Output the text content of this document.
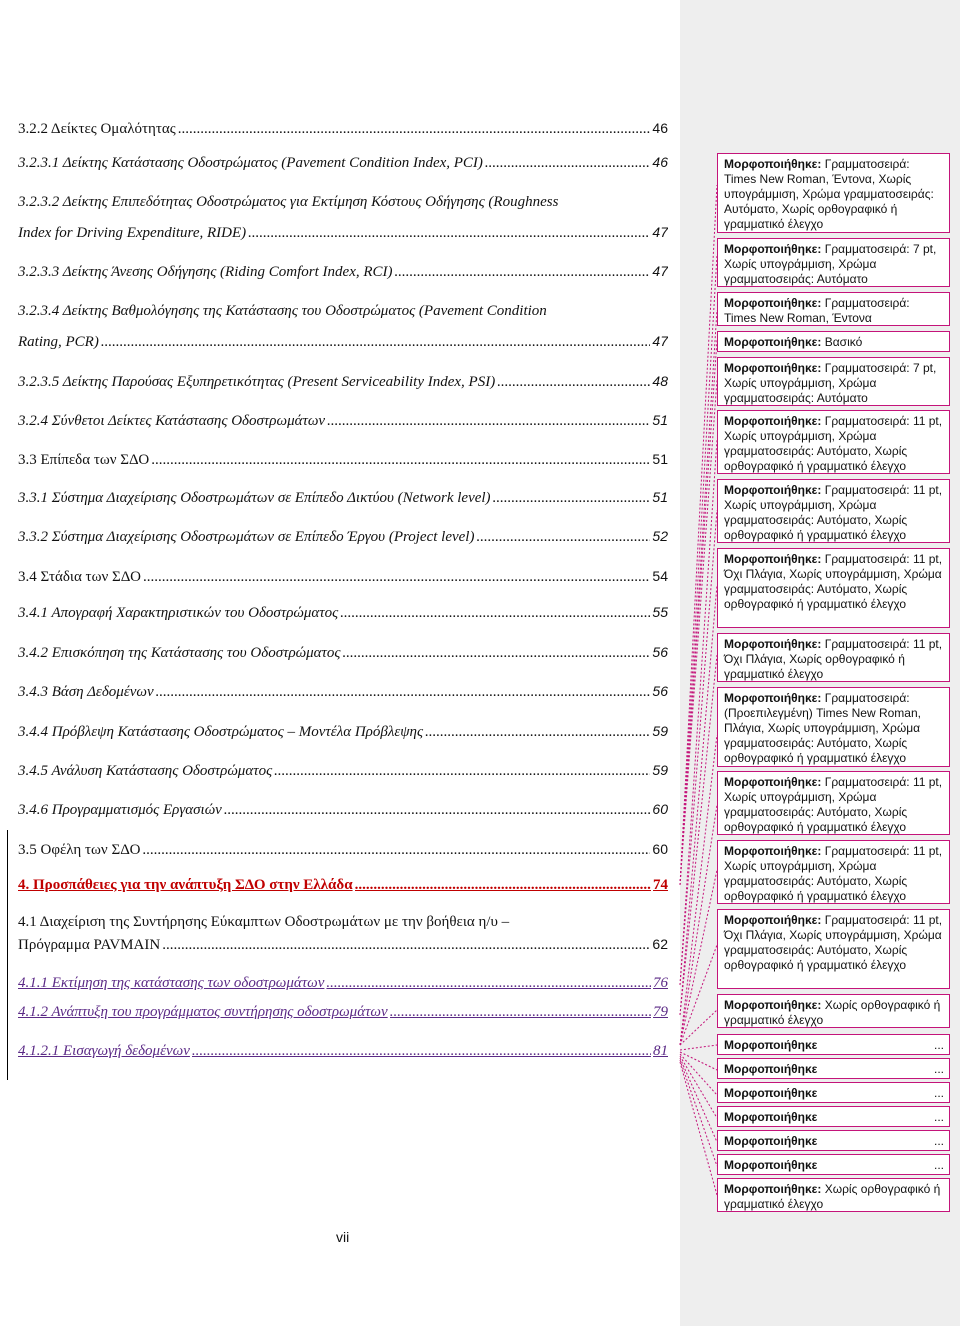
3.2.2 Δείκτες Ομαλότητας .....	46
3.2.3.1 Δείκτης Κατάστασης Οδοστρώματος (Pavement Condition Index, PCI) .....	46
3.2.3.2 Δείκτης Επιπεδότητας Οδοστρώματος για Εκτίμηση Κόστους Οδήγησης (Roughness
Index for Driving Expenditure, RIDE) .....	47
3.2.3.3 Δείκτης Άνεσης Οδήγησης (Riding Comfort Index, RCI) .....	47
3.2.3.4 Δείκτης Βαθμολόγησης της Κατάστασης του Οδοστρώματος (Pavement Condition
Rating, PCR) .....	47
3.2.3.5 Δείκτης Παρούσας Εξυπηρετικότητας (Present Serviceability Index, PSI) .....	48
3.2.4 Σύνθετοι Δείκτες Κατάστασης Οδοστρωμάτων .....	51
3.3 Επίπεδα των ΣΔΟ .....	51
3.3.1 Σύστημα Διαχείρισης Οδοστρωμάτων σε Επίπεδο Δικτύου (Network level) .....	51
3.3.2 Σύστημα Διαχείρισης Οδοστρωμάτων σε Επίπεδο Έργου (Project level) .....	52
3.4 Στάδια των ΣΔΟ .....	54
3.4.1 Απογραφή Χαρακτηριστικών του Οδοστρώματος .....	55
3.4.2 Επισκόπηση της Κατάστασης του Οδοστρώματος .....	56
3.4.3 Βάση Δεδομένων .....	56
3.4.4 Πρόβλεψη Κατάστασης Οδοστρώματος – Μοντέλα Πρόβλεψης .....	59
3.4.5 Ανάλυση Κατάστασης Οδοστρώματος .....	59
3.4.6 Προγραμματισμός Εργασιών .....	60
3.5 Οφέλη των ΣΔΟ .....	60
4. Προσπάθειες για την ανάπτυξη ΣΔΟ στην Ελλάδα .....	74
4.1 Διαχείριση της Συντήρησης Εύκαμπτων Οδοστρωμάτων με την βοήθεια η/υ –
Πρόγραμμα PAVMAIN .....	62
4.1.1 Εκτίμηση της κατάστασης των οδοστρωμάτων .....	76
4.1.2 Ανάπτυξη του προγράμματος συντήρησης οδοστρωμάτων .....	79
4.1.2.1 Εισαγωγή δεδομένων .....	81
vii
Μορφοποιήθηκε: Γραμματοσειρά: Times New Roman, Έντονα, Χωρίς υπογράμμιση, Χρώμα γραμματοσειράς: Αυτόματο, Χωρίς ορθογραφικό ή γραμματικό έλεγχο
Μορφοποιήθηκε: Γραμματοσειρά: 7 pt, Χωρίς υπογράμμιση, Χρώμα γραμματοσειράς: Αυτόματο
Μορφοποιήθηκε: Γραμματοσειρά: Times New Roman, Έντονα
Μορφοποιήθηκε: Βασικό
Μορφοποιήθηκε: Γραμματοσειρά: 7 pt, Χωρίς υπογράμμιση, Χρώμα γραμματοσειράς: Αυτόματο
Μορφοποιήθηκε: Γραμματοσειρά: 11 pt, Χωρίς υπογράμμιση, Χρώμα γραμματοσειράς: Αυτόματο, Χωρίς ορθογραφικό ή γραμματικό έλεγχο
Μορφοποιήθηκε: Γραμματοσειρά: 11 pt, Χωρίς υπογράμμιση, Χρώμα γραμματοσειράς: Αυτόματο, Χωρίς ορθογραφικό ή γραμματικό έλεγχο
Μορφοποιήθηκε: Γραμματοσειρά: 11 pt, Όχι Πλάγια, Χωρίς υπογράμμιση, Χρώμα γραμματοσειράς: Αυτόματο, Χωρίς ορθογραφικό ή γραμματικό έλεγχο
Μορφοποιήθηκε: Γραμματοσειρά: 11 pt, Όχι Πλάγια, Χωρίς ορθογραφικό ή γραμματικό έλεγχο
Μορφοποιήθηκε: Γραμματοσειρά: (Προεπιλεγμένη) Times New Roman, Πλάγια, Χωρίς υπογράμμιση, Χρώμα γραμματοσειράς: Αυτόματο, Χωρίς ορθογραφικό ή γραμματικό έλεγχο
Μορφοποιήθηκε: Γραμματοσειρά: 11 pt, Χωρίς υπογράμμιση, Χρώμα γραμματοσειράς: Αυτόματο, Χωρίς ορθογραφικό ή γραμματικό έλεγχο
Μορφοποιήθηκε: Γραμματοσειρά: 11 pt, Χωρίς υπογράμμιση, Χρώμα γραμματοσειράς: Αυτόματο, Χωρίς ορθογραφικό ή γραμματικό έλεγχο
Μορφοποιήθηκε: Γραμματοσειρά: 11 pt, Όχι Πλάγια, Χωρίς υπογράμμιση, Χρώμα γραμματοσειράς: Αυτόματο, Χωρίς ορθογραφικό ή γραμματικό έλεγχο
Μορφοποιήθηκε: Χωρίς ορθογραφικό ή γραμματικό έλεγχο
Μορφοποιήθηκε	...
Μορφοποιήθηκε	...
Μορφοποιήθηκε	...
Μορφοποιήθηκε	...
Μορφοποιήθηκε	...
Μορφοποιήθηκε	...
Μορφοποιήθηκε: Χωρίς ορθογραφικό ή γραμματικό έλεγχο
